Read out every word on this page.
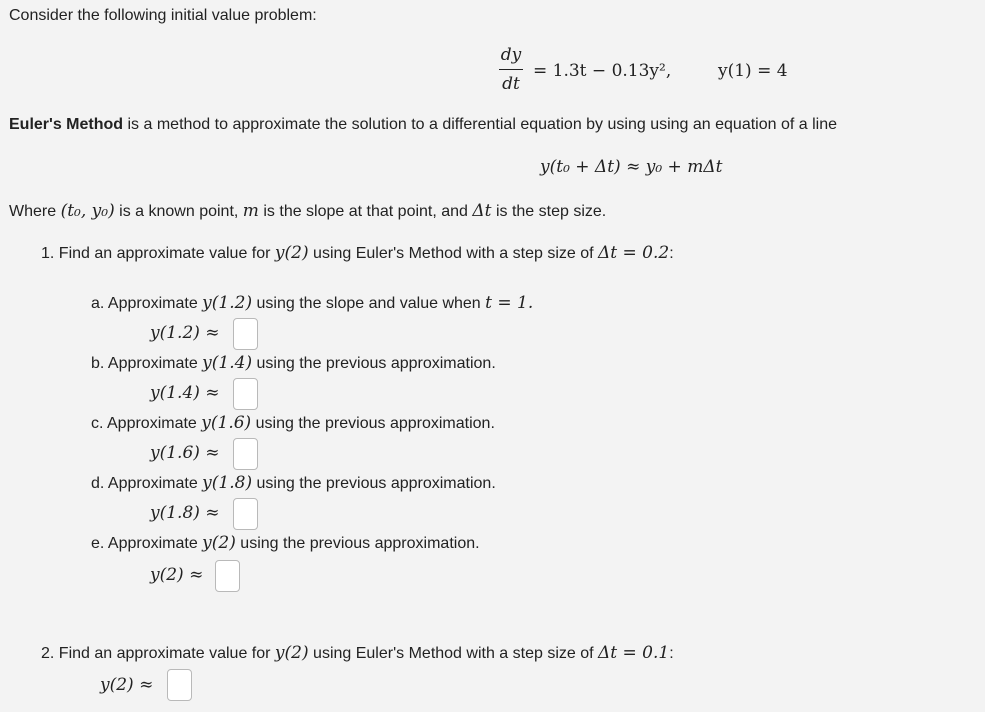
Consider the following initial value problem:
dy
dt
= 1.3t − 0.13y²,	y(1) = 4
Euler's Method is a method to approximate the solution to a differential equation by using using an equation of a line
y(t₀ + Δt) ≈ y₀ + mΔt
Where (t₀, y₀) is a known point, m is the slope at that point, and Δt is the step size.
1. Find an approximate value for y(2) using Euler's Method with a step size of Δt = 0.2:
a. Approximate y(1.2) using the slope and value when t = 1.
y(1.2) ≈
b. Approximate y(1.4) using the previous approximation.
y(1.4) ≈
c. Approximate y(1.6) using the previous approximation.
y(1.6) ≈
d. Approximate y(1.8) using the previous approximation.
y(1.8) ≈
e. Approximate y(2) using the previous approximation.
y(2) ≈
2. Find an approximate value for y(2) using Euler's Method with a step size of Δt = 0.1:
y(2) ≈
